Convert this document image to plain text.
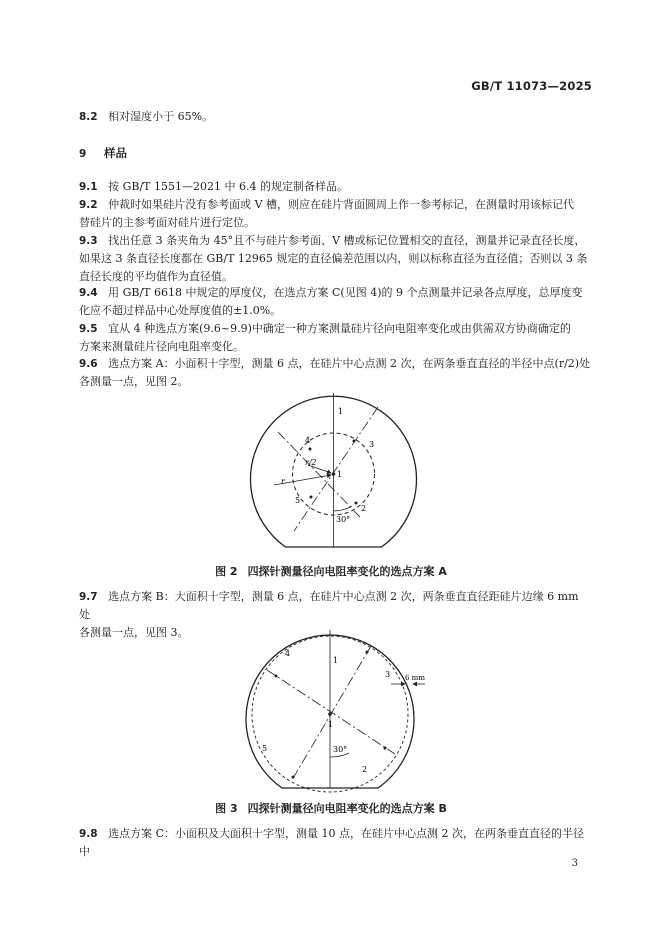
GB/T 11073—2025

8.2 相对湿度小于 65%。

9 样品

9.1 按 GB/T 1551—2021 中 6.4 的规定制备样品。

9.2 仲裁时如果硅片没有参考面或 V 槽，则应在硅片背面圆周上作一参考标记，在测量时用该标记代
替硅片的主参考面对硅片进行定位。

9.3 找出任意 3 条夹角为 45°且不与硅片参考面、V 槽或标记位置相交的直径，测量并记录直径长度，
如果这 3 条直径长度都在 GB/T 12965 规定的直径偏差范围以内，则以标称直径为直径值；否则以 3 条
直径长度的平均值作为直径值。

9.4 用 GB/T 6618 中规定的厚度仪，在选点方案 C(见图 4)的 9 个点测量并记录各点厚度，总厚度变
化应不超过样品中心处厚度值的±1.0%。

9.5 宜从 4 种选点方案(9.6~9.9)中确定一种方案测量硅片径向电阻率变化或由供需双方协商确定的
方案来测量硅片径向电阻率变化。

9.6 选点方案 A：小面积十字型，测量 6 点，在硅片中心点测 2 次，在两条垂直直径的半径中点(r/2)处
各测量一点，见图 2。

1
1
2
3
4
5
r/2
r
30°
图 2 四探针测量径向电阻率变化的选点方案 A

9.7 选点方案 B：大面积十字型，测量 6 点，在硅片中心点测 2 次，两条垂直直径距硅片边缘 6 mm 处
各测量一点，见图 3。

1
1
2
3
4
5
6 mm
30°
图 3 四探针测量径向电阻率变化的选点方案 B

9.8 选点方案 C：小面积及大面积十字型，测量 10 点，在硅片中心点测 2 次，在两条垂直直径的半径中

3
